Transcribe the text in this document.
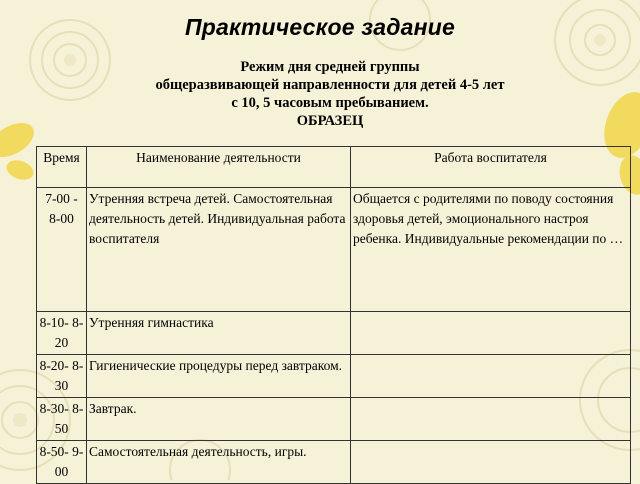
Практическое задание
Режим дня средней группы
общеразвивающей направленности для детей 4-5 лет
с 10, 5 часовым пребыванием.
ОБРАЗЕЦ
Время	Наименование деятельности	Работа воспитателя
7-00 - 8-00	Утренняя встреча детей. Самостоятельная деятельность детей. Индивидуальная работа воспитателя	Общается с родителями по поводу состояния здоровья детей, эмоционального настроя ребенка. Индивидуальные рекомендации по …
8-10- 8-20	Утренняя гимнастика	
8-20- 8-30	Гигиенические процедуры перед завтраком.	
8-30- 8-50	Завтрак.	
8-50- 9-00	Самостоятельная деятельность, игры.	
